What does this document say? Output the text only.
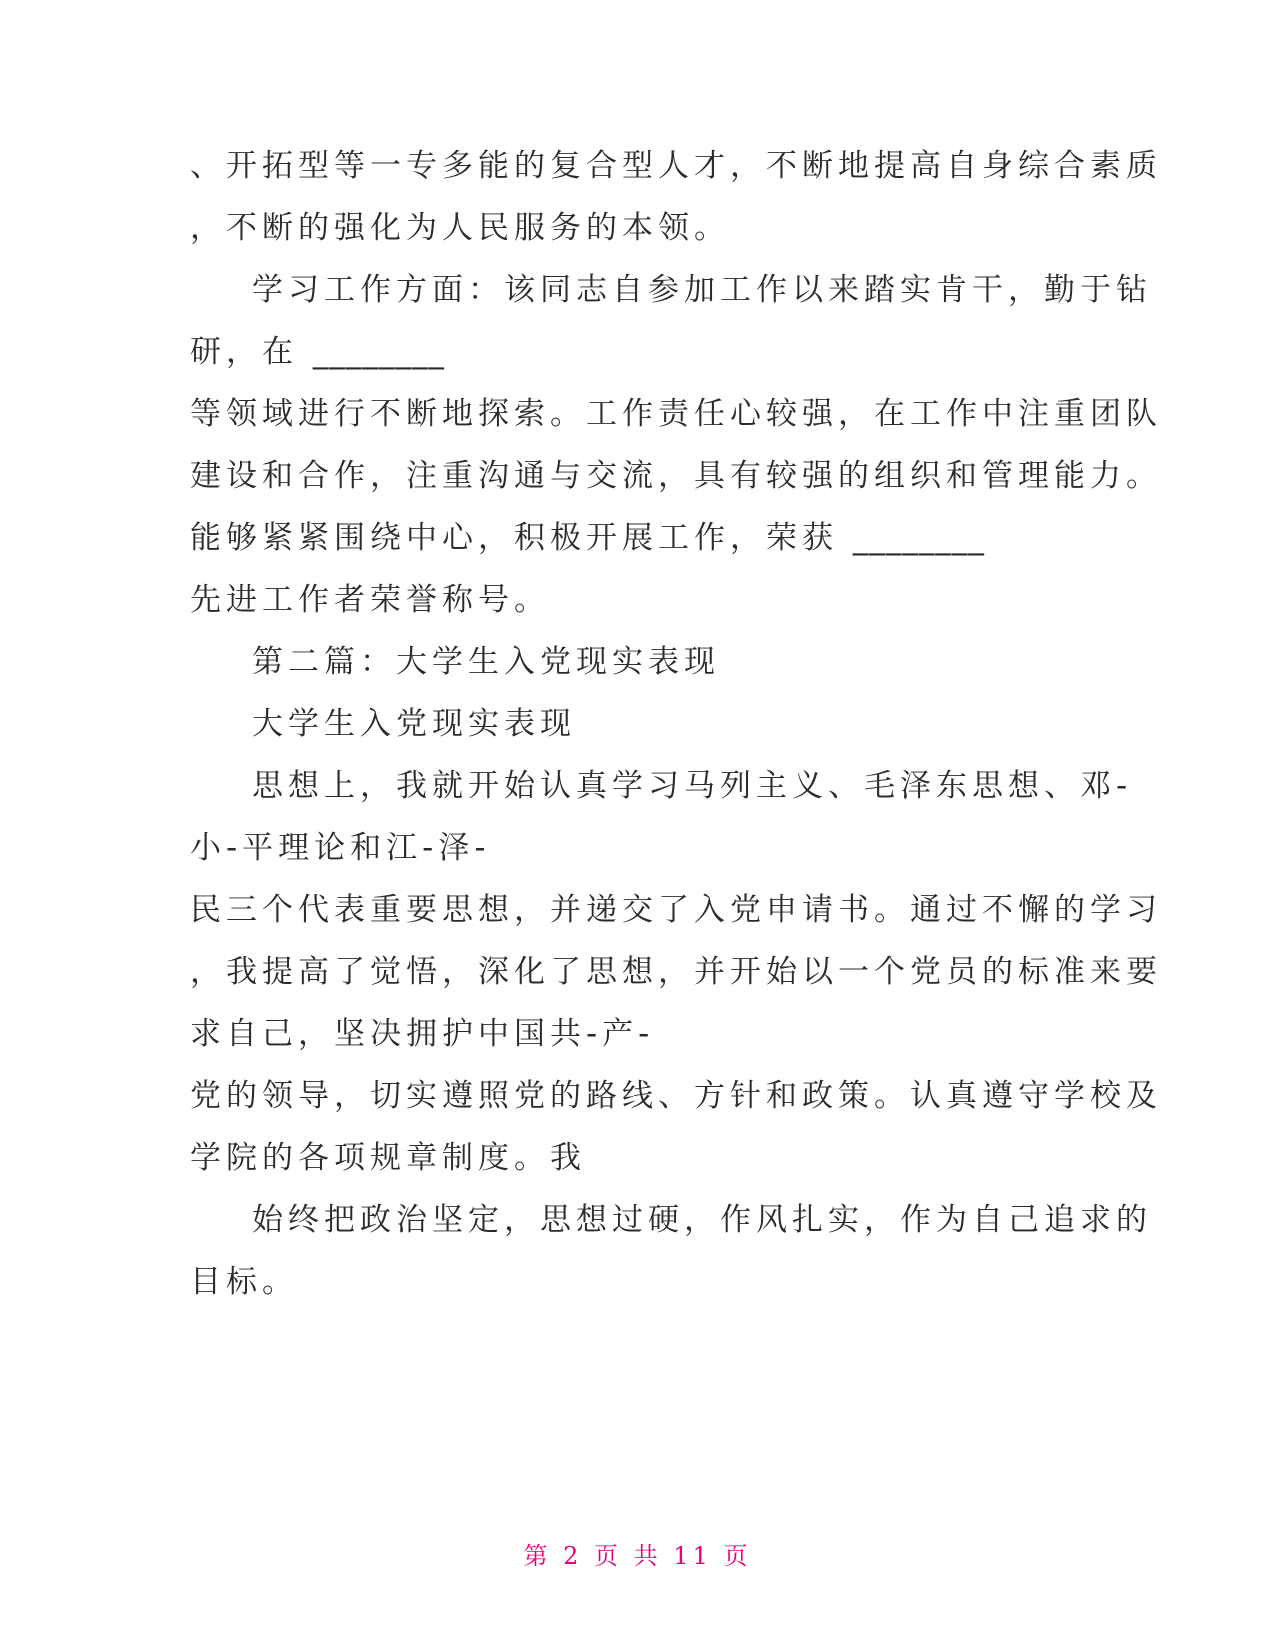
、开拓型等一专多能的复合型人才，不断地提高自身综合素质
，不断的强化为人民服务的本领。
学习工作方面：该同志自参加工作以来踏实肯干，勤于钻
研，在 ________
等领域进行不断地探索。工作责任心较强，在工作中注重团队
建设和合作，注重沟通与交流，具有较强的组织和管理能力。
能够紧紧围绕中心，积极开展工作，荣获 ________
先进工作者荣誉称号。
第二篇：大学生入党现实表现
大学生入党现实表现
思想上，我就开始认真学习马列主义、毛泽东思想、邓-
小-平理论和江-泽-
民三个代表重要思想，并递交了入党申请书。通过不懈的学习
，我提高了觉悟，深化了思想，并开始以一个党员的标准来要
求自己，坚决拥护中国共-产-
党的领导，切实遵照党的路线、方针和政策。认真遵守学校及
学院的各项规章制度。我
始终把政治坚定，思想过硬，作风扎实，作为自己追求的
目标。
第 2 页 共 11 页
